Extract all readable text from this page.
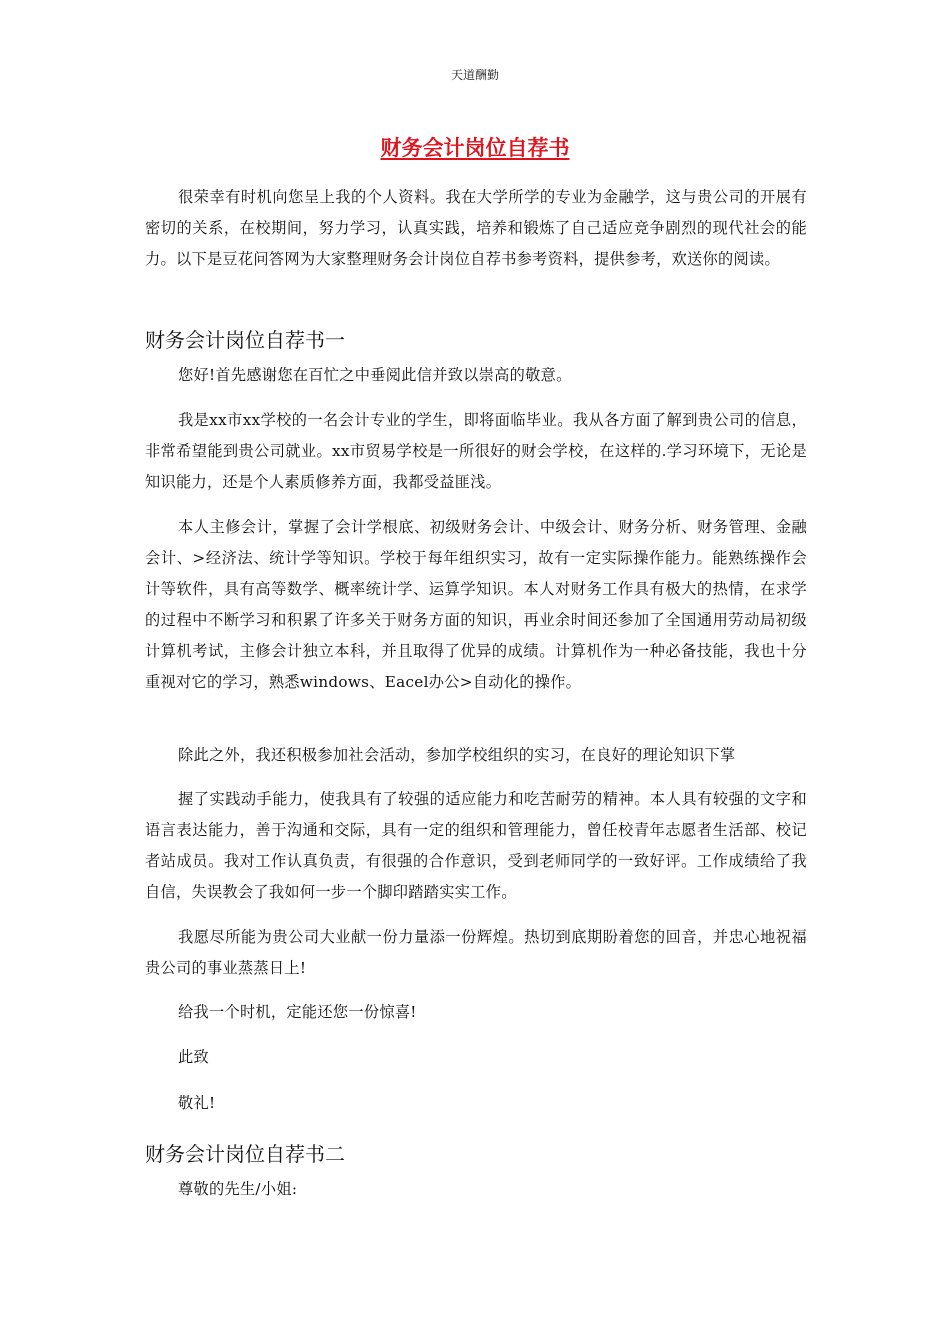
天道酬勤
财务会计岗位自荐书

很荣幸有时机向您呈上我的个人资料。我在大学所学的专业为金融学，这与贵公司的开展有密切的关系，在校期间，努力学习，认真实践，培养和锻炼了自己适应竞争剧烈的现代社会的能力。以下是豆花问答网为大家整理财务会计岗位自荐书参考资料，提供参考，欢送你的阅读。

财务会计岗位自荐书一

您好!首先感谢您在百忙之中垂阅此信并致以崇高的敬意。

我是xx市xx学校的一名会计专业的学生，即将面临毕业。我从各方面了解到贵公司的信息，非常希望能到贵公司就业。xx市贸易学校是一所很好的财会学校，在这样的.学习环境下，无论是知识能力，还是个人素质修养方面，我都受益匪浅。

本人主修会计，掌握了会计学根底、初级财务会计、中级会计、财务分析、财务管理、金融会计、>经济法、统计学等知识。学校于每年组织实习，故有一定实际操作能力。能熟练操作会计等软件，具有高等数学、概率统计学、运算学知识。本人对财务工作具有极大的热情，在求学的过程中不断学习和积累了许多关于财务方面的知识，再业余时间还参加了全国通用劳动局初级计算机考试，主修会计独立本科，并且取得了优异的成绩。计算机作为一种必备技能，我也十分重视对它的学习，熟悉windows、Eacel办公>自动化的操作。

除此之外，我还积极参加社会活动，参加学校组织的实习，在良好的理论知识下掌

握了实践动手能力，使我具有了较强的适应能力和吃苦耐劳的精神。本人具有较强的文字和语言表达能力，善于沟通和交际，具有一定的组织和管理能力，曾任校青年志愿者生活部、校记者站成员。我对工作认真负责，有很强的合作意识，受到老师同学的一致好评。工作成绩给了我自信，失误教会了我如何一步一个脚印踏踏实实工作。

我愿尽所能为贵公司大业献一份力量添一份辉煌。热切到底期盼着您的回音，并忠心地祝福贵公司的事业蒸蒸日上!

给我一个时机，定能还您一份惊喜!

此致

敬礼!

财务会计岗位自荐书二

尊敬的先生/小姐:
